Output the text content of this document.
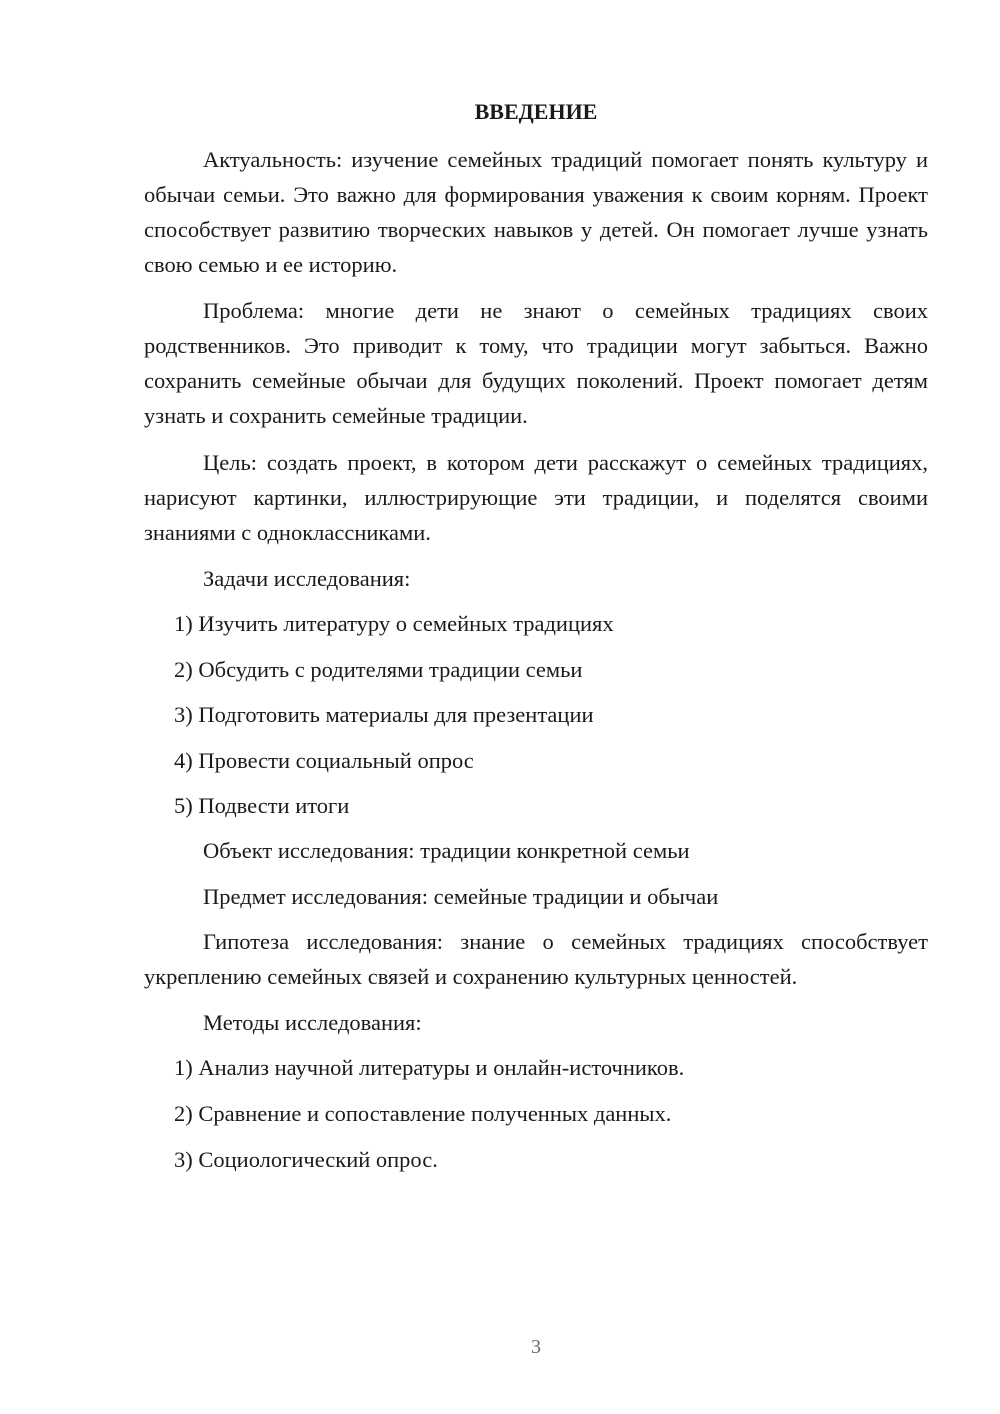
ВВЕДЕНИЕ

Актуальность: изучение семейных традиций помогает понять культуру и обычаи семьи. Это важно для формирования уважения к своим корням. Проект способствует развитию творческих навыков у детей. Он помогает лучше узнать свою семью и ее историю.

Проблема: многие дети не знают о семейных традициях своих родственников. Это приводит к тому, что традиции могут забыться. Важно сохранить семейные обычаи для будущих поколений. Проект помогает детям узнать и сохранить семейные традиции.

Цель: создать проект, в котором дети расскажут о семейных традициях, нарисуют картинки, иллюстрирующие эти традиции, и поделятся своими знаниями с одноклассниками.

Задачи исследования:

1) Изучить литературу о семейных традициях

2) Обсудить с родителями традиции семьи

3) Подготовить материалы для презентации

4) Провести социальный опрос

5) Подвести итоги

Объект исследования: традиции конкретной семьи

Предмет исследования: семейные традиции и обычаи

Гипотеза исследования: знание о семейных традициях способствует укреплению семейных связей и сохранению культурных ценностей.

Методы исследования:

1) Анализ научной литературы и онлайн-источников.

2) Сравнение и сопоставление полученных данных.

3) Социологический опрос.

3
